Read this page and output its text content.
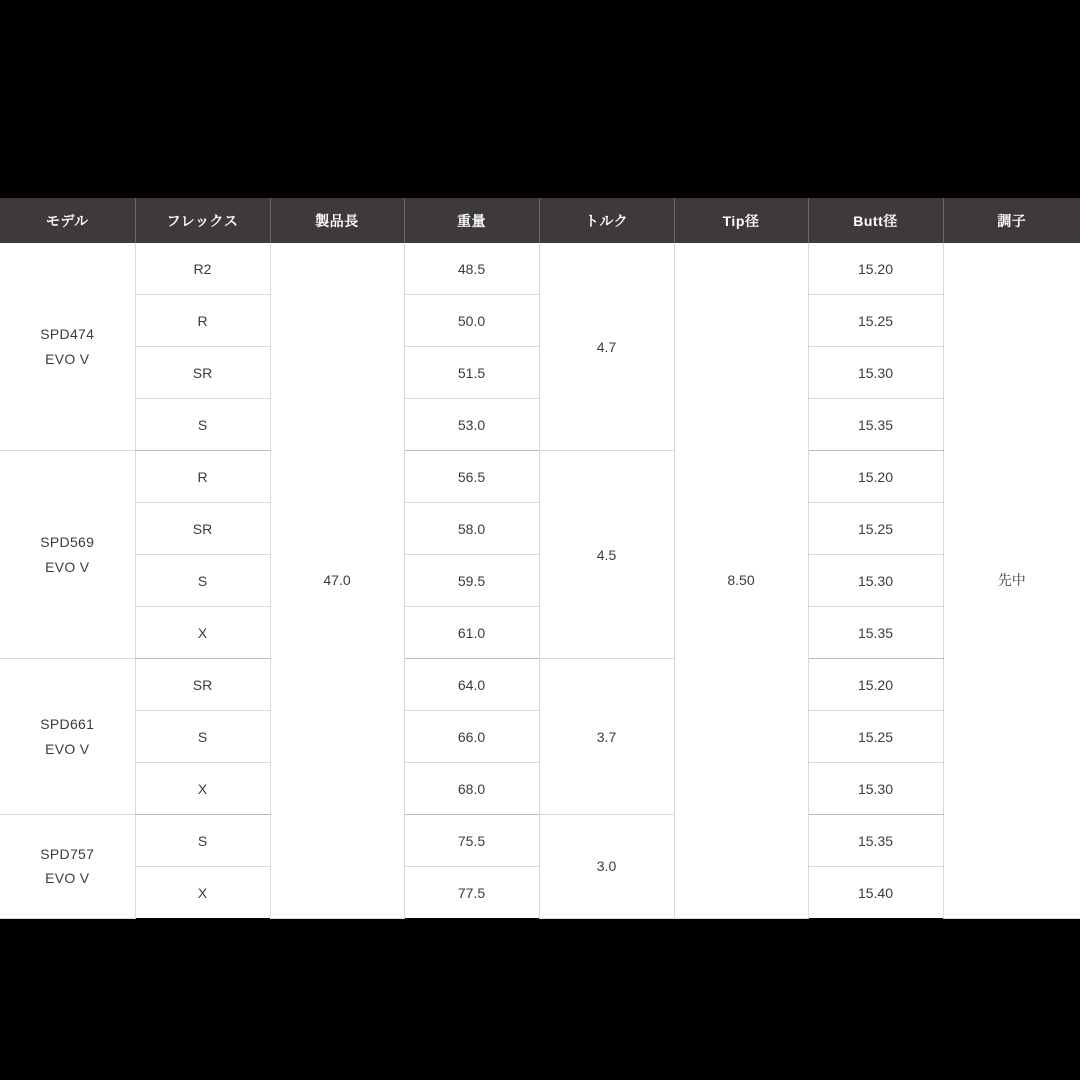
モデル	フレックス	製品長	重量	トルク	Tip径	Butt径	調子

SPD474
EVO V	R2	47.0	48.5	4.7	8.50	15.20	先中
	R		50.0			15.25	
	SR		51.5			15.30	
	S		53.0			15.35	

SPD569
EVO V	R		56.5	4.5		15.20	
	SR		58.0			15.25	
	S		59.5			15.30	
	X		61.0			15.35	

SPD661
EVO V	SR		64.0	3.7		15.20	
	S		66.0			15.25	
	X		68.0			15.30	

SPD757
EVO V	S		75.5	3.0		15.35	
	X		77.5			15.40	
